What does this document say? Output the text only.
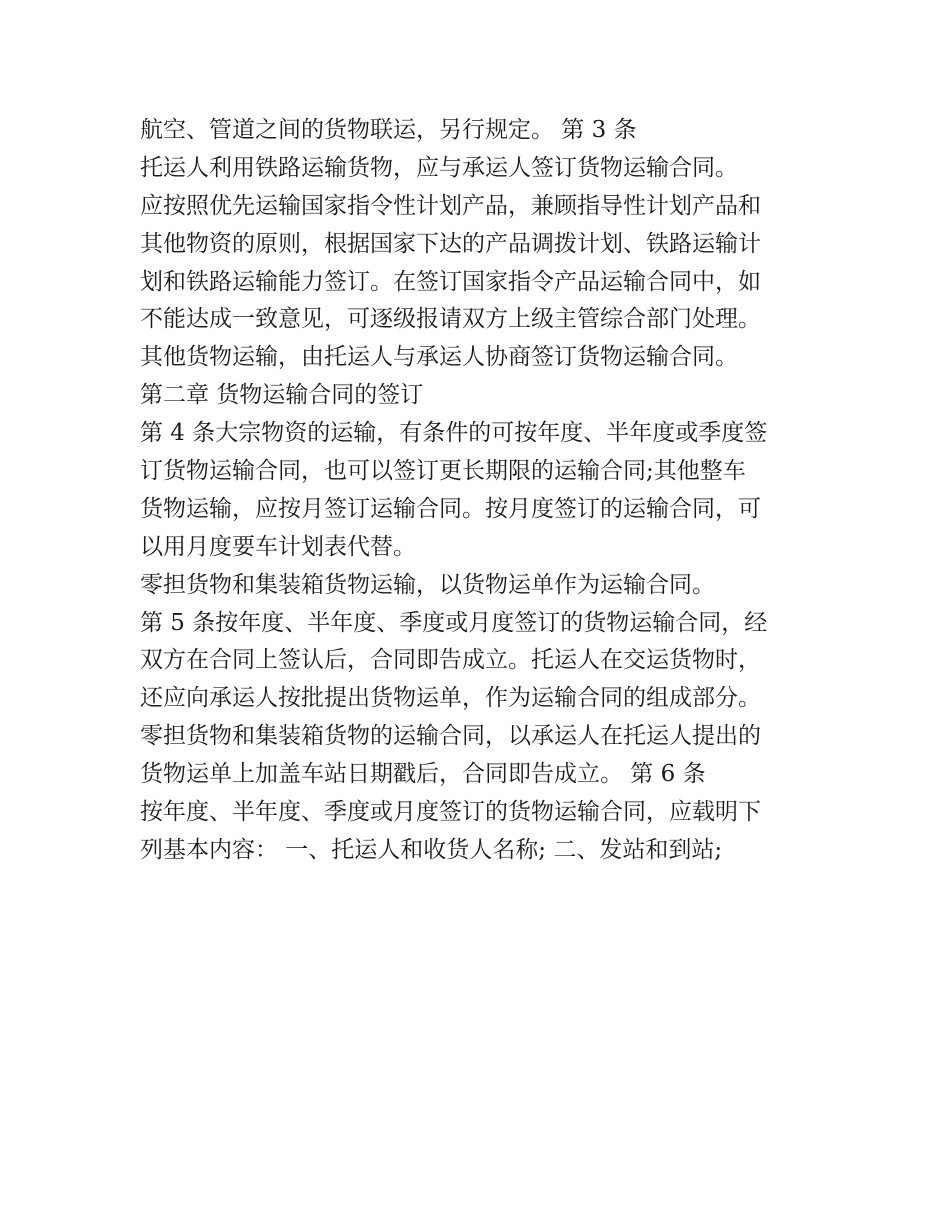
航空、管道之间的货物联运，另行规定。 第 3 条
托运人利用铁路运输货物，应与承运人签订货物运输合同。
应按照优先运输国家指令性计划产品，兼顾指导性计划产品和
其他物资的原则，根据国家下达的产品调拨计划、铁路运输计
划和铁路运输能力签订。在签订国家指令产品运输合同中，如
不能达成一致意见，可逐级报请双方上级主管综合部门处理。
其他货物运输，由托运人与承运人协商签订货物运输合同。
第二章 货物运输合同的签订
第 4 条大宗物资的运输，有条件的可按年度、半年度或季度签
订货物运输合同，也可以签订更长期限的运输合同;其他整车
货物运输，应按月签订运输合同。按月度签订的运输合同，可
以用月度要车计划表代替。
零担货物和集装箱货物运输，以货物运单作为运输合同。
第 5 条按年度、半年度、季度或月度签订的货物运输合同，经
双方在合同上签认后，合同即告成立。托运人在交运货物时，
还应向承运人按批提出货物运单，作为运输合同的组成部分。
零担货物和集装箱货物的运输合同，以承运人在托运人提出的
货物运单上加盖车站日期戳后，合同即告成立。 第 6 条
按年度、半年度、季度或月度签订的货物运输合同，应载明下
列基本内容： 一、托运人和收货人名称; 二、发站和到站;
